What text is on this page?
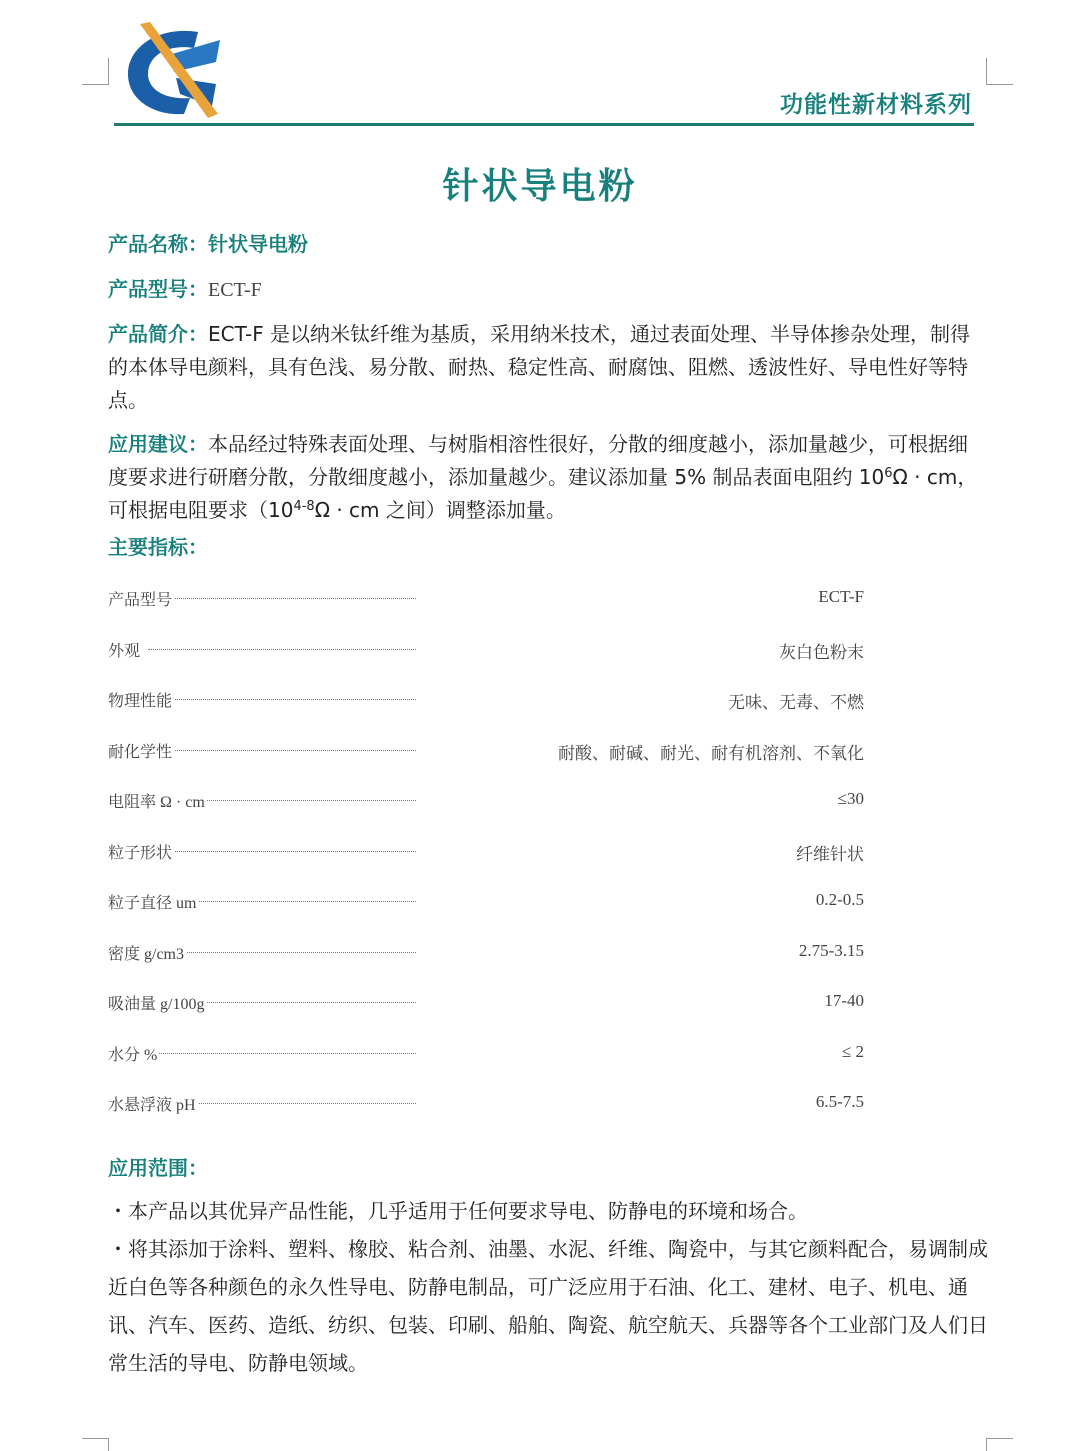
功能性新材料系列
针状导电粉
产品名称：针状导电粉
产品型号：ECT-F
产品简介：ECT-F 是以纳米钛纤维为基质，采用纳米技术，通过表面处理、半导体掺杂处理，制得的本体导电颜料，具有色浅、易分散、耐热、稳定性高、耐腐蚀、阻燃、透波性好、导电性好等特点。
应用建议：本品经过特殊表面处理、与树脂相溶性很好，分散的细度越小，添加量越少，可根据细度要求进行研磨分散，分散细度越小，添加量越少。建议添加量 5% 制品表面电阻约 $10^6\Omega$ · cm，可根据电阻要求（$10^{4-8}\Omega$ · cm 之间）调整添加量。
主要指标：
产品型号	ECT-F
外观	灰白色粉末
物理性能	无味、无毒、不燃
耐化学性	耐酸、耐碱、耐光、耐有机溶剂、不氧化
电阻率 Ω · cm	≤30
粒子形状	纤维针状
粒子直径 um	0.2-0.5
密度 g/cm3	2.75-3.15
吸油量 g/100g	17-40
水分 %	≤ 2
水悬浮液 pH	6.5-7.5
应用范围：

・本产品以其优异产品性能，几乎适用于任何要求导电、防静电的环境和场合。

・将其添加于涂料、塑料、橡胶、粘合剂、油墨、水泥、纤维、陶瓷中，与其它颜料配合，易调制成近白色等各种颜色的永久性导电、防静电制品，可广泛应用于石油、化工、建材、电子、机电、通讯、汽车、医药、造纸、纺织、包装、印刷、船舶、陶瓷、航空航天、兵器等各个工业部门及人们日常生活的导电、防静电领域。
